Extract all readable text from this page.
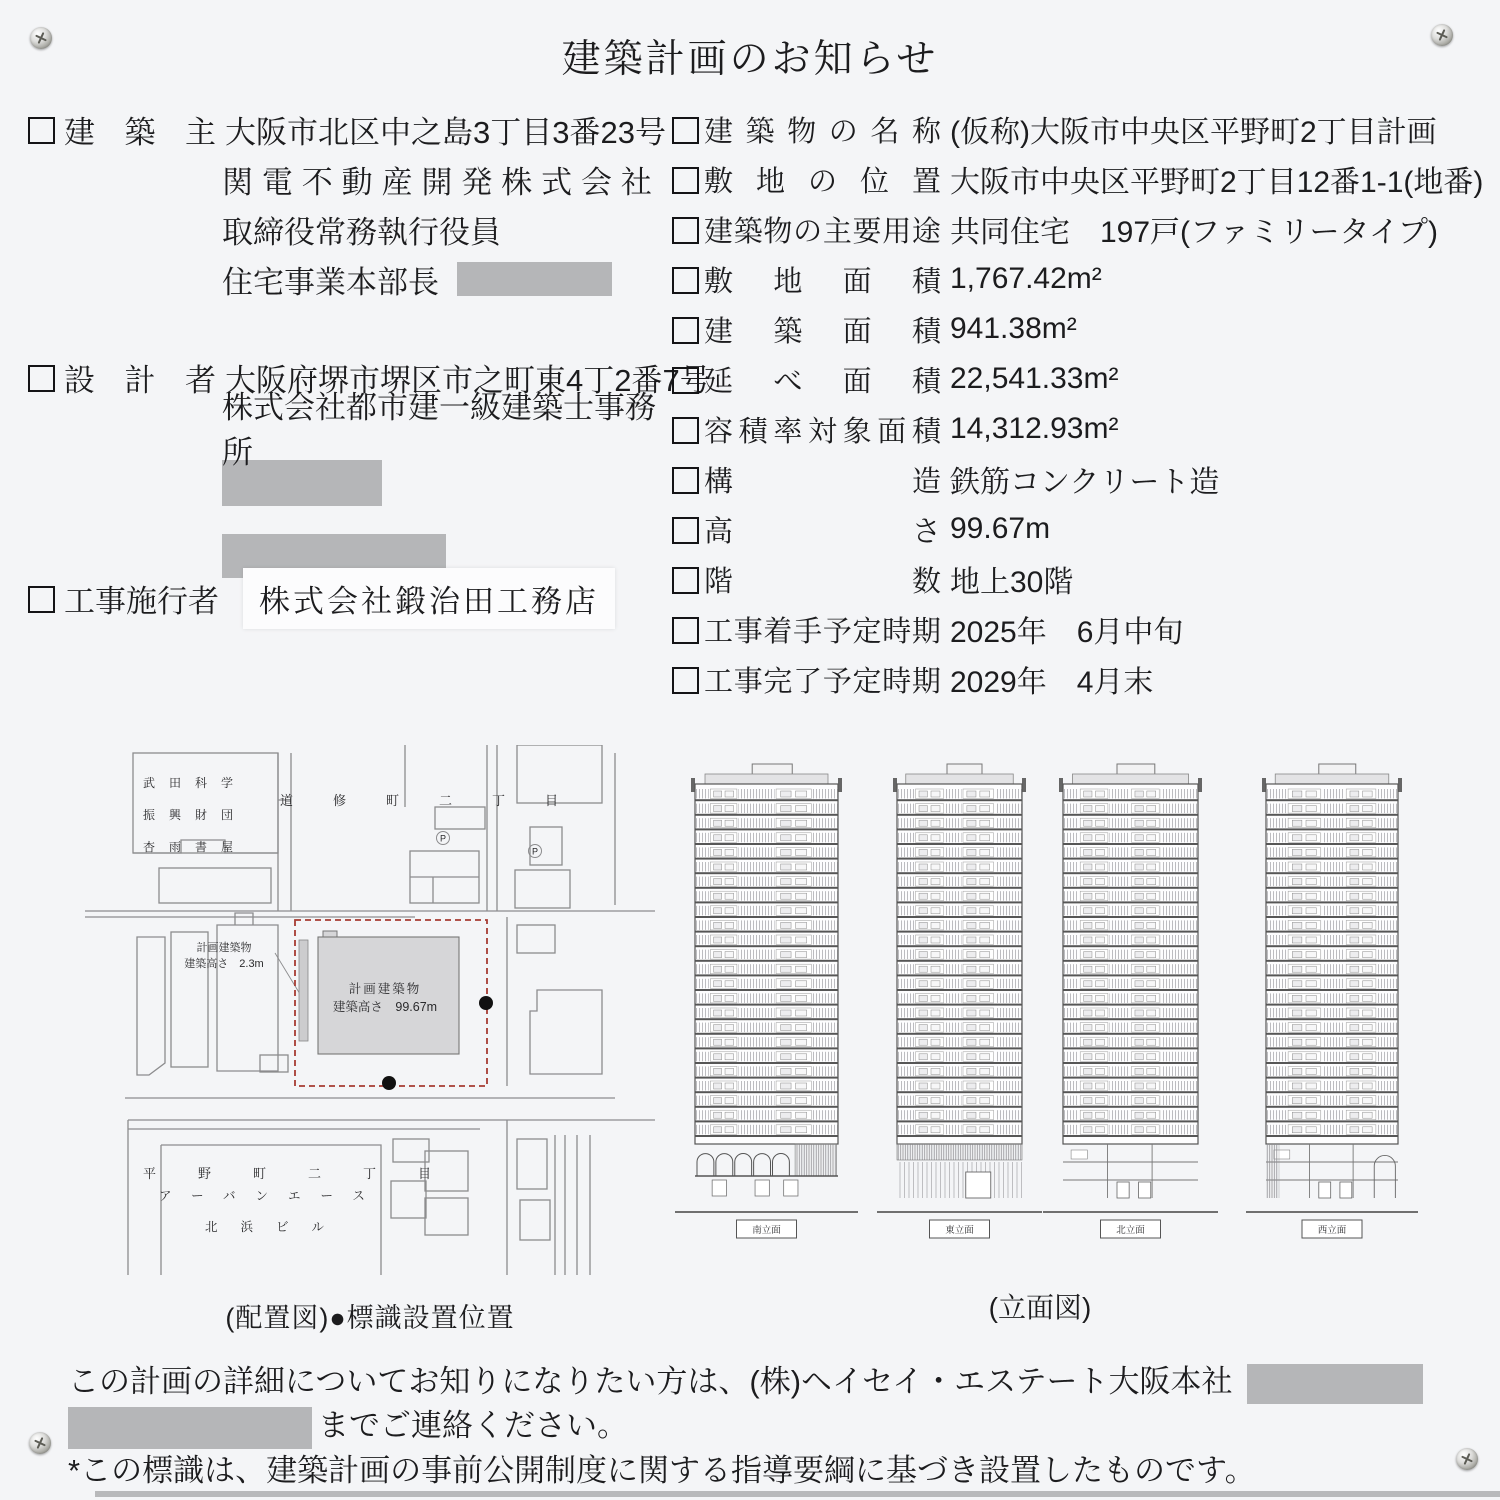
建築計画のお知らせ
建 築 主 大阪市北区中之島3丁目3番23号
関 電 不 動 産 開 発 株 式 会 社
取締役常務執行役員
住宅事業本部長
設 計 者 大阪府堺市堺区市之町東4丁2番7号
株式会社都市建一級建築士事務所
工事施行者	株式会社鍛治田工務店
建 築 物 の 名 称 (仮称)大阪市中央区平野町2丁目計画
敷 地 の 位 置 大阪市中央区平野町2丁目12番1-1(地番)
建 築 物 の 主 要 用 途 共同住宅　197戸(ファミリータイプ)
敷 地 面 積 1,767.42m²
建 築 面 積 941.38m²
延 べ 面 積 22,541.33m²
容 積 率 対 象 面 積 14,312.93m²
構	造 鉄筋コンクリート造
高	さ 99.67m
階	数 地上30階
工 事 着 手 予 定 時 期 2025年　6月中旬
工 事 完 了 予 定 時 期 2029年　4月末
P
P
武田科学
振興財団
杏雨書屋
道修町二丁目
計画建築物
建築高さ　2.3m
計画建築物
建築高さ　99.67m
平野町二丁目
アーバンエース
北浜ビル
(配置図)●標識設置位置
南立面	東立面	北立面	西立面
(立面図)
この計画の詳細についてお知りになりたい方は、(株)ヘイセイ・エステート大阪本社
までご連絡ください。
*この標識は、建築計画の事前公開制度に関する指導要綱に基づき設置したものです。
